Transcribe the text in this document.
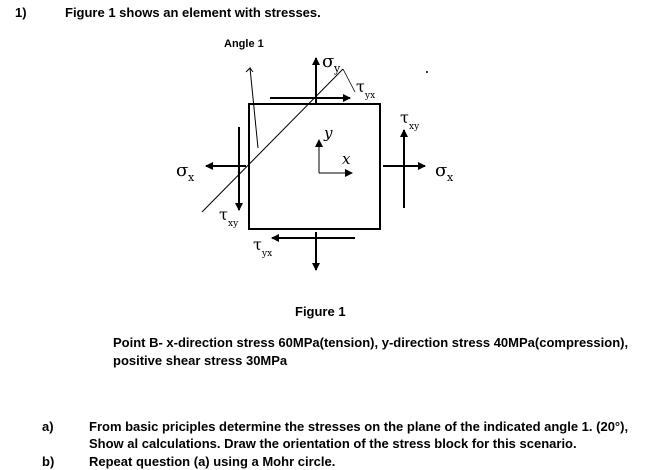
1)	Figure 1 shows an element with stresses.
Angle 1
y
x
σ y
τ yx
τ xy
σ x	σ x
τ xy
τ yx
Figure 1
Point B- x-direction stress 60MPa(tension), y-direction stress 40MPa(compression),
positive shear stress 30MPa
a)	From basic priciples determine the stresses on the plane of the indicated angle 1. (20°),
Show al calculations. Draw the orientation of the stress block for this scenario.
b)	Repeat question (a) using a Mohr circle.
